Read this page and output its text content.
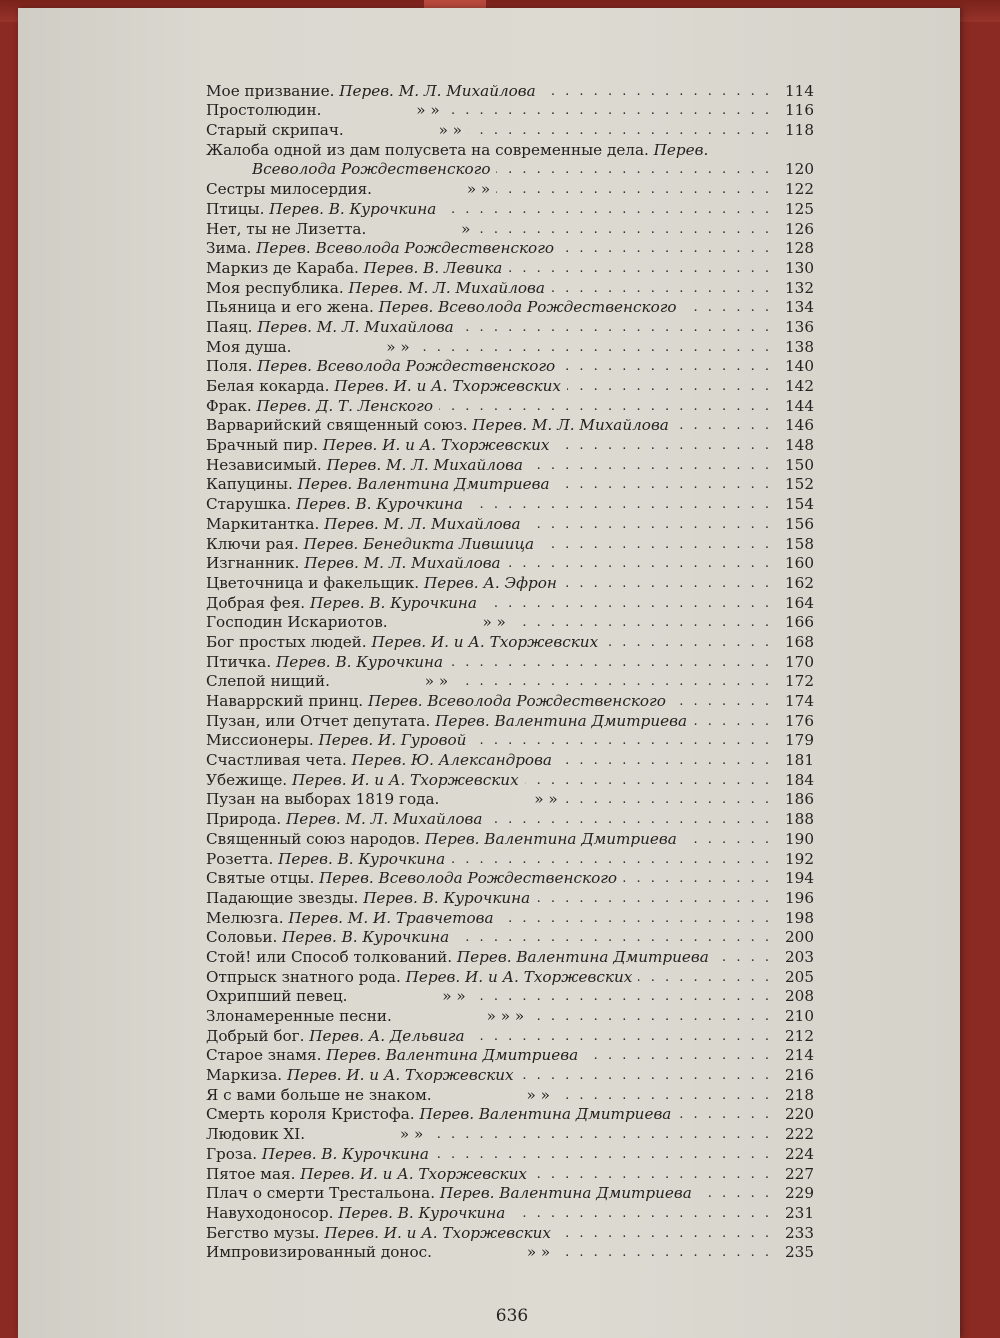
Мое призвание. Перев. М. Л. Михайлова . . .	114
Простолюдин.	» » . . .	116
Старый скрипач.	» » . . .	118
Жалоба одной из дам полусвета на современные дела. Перев.
Всеволода Рождественского . . .	120
Сестры милосердия.	» » . . .	122
Птицы. Перев. В. Курочкина . . .	125
Нет, ты не Лизетта.	» . . .	126
Зима. Перев. Всеволода Рождественского . . .	128
Маркиз де Караба. Перев. В. Левика . . .	130
Моя республика. Перев. М. Л. Михайлова . . .	132
Пьяница и его жена. Перев. Всеволода Рождественского . . .	134
Паяц. Перев. М. Л. Михайлова . . .	136
Моя душа.	» » . . .	138
Поля. Перев. Всеволода Рождественского . . .	140
Белая кокарда. Перев. И. и А. Тхоржевских . . .	142
Фрак. Перев. Д. Т. Ленского . . .	144
Варварийский священный союз. Перев. М. Л. Михайлова . . .	146
Брачный пир. Перев. И. и А. Тхоржевских . . .	148
Независимый. Перев. М. Л. Михайлова . . .	150
Капуцины. Перев. Валентина Дмитриева . . .	152
Старушка. Перев. В. Курочкина . . .	154
Маркитантка. Перев. М. Л. Михайлова . . .	156
Ключи рая. Перев. Бенедикта Лившица . . .	158
Изгнанник. Перев. М. Л. Михайлова . . .	160
Цветочница и факельщик. Перев. А. Эфрон . . .	162
Добрая фея. Перев. В. Курочкина . . .	164
Господин Искариотов.	» » . . .	166
Бог простых людей. Перев. И. и А. Тхоржевских . . .	168
Птичка. Перев. В. Курочкина . . .	170
Слепой нищий.	» » . . .	172
Наваррский принц. Перев. Всеволода Рождественского . . .	174
Пузан, или Отчет депутата. Перев. Валентина Дмитриева . . .	176
Миссионеры. Перев. И. Гуровой . . .	179
Счастливая чета. Перев. Ю. Александрова . . .	181
Убежище. Перев. И. и А. Тхоржевских . . .	184
Пузан на выборах 1819 года.	» » . . .	186
Природа. Перев. М. Л. Михайлова . . .	188
Священный союз народов. Перев. Валентина Дмитриева . . .	190
Розетта. Перев. В. Курочкина . . .	192
Святые отцы. Перев. Всеволода Рождественского . . .	194
Падающие звезды. Перев. В. Курочкина . . .	196
Мелюзга. Перев. М. И. Травчетова . . .	198
Соловьи. Перев. В. Курочкина . . .	200
Стой! или Способ толкований. Перев. Валентина Дмитриева . . .	203
Отпрыск знатного рода. Перев. И. и А. Тхоржевских . . .	205
Охрипший певец.	» » . . .	208
Злонамеренные песни.	» » » . . .	210
Добрый бог. Перев. А. Дельвига . . .	212
Старое знамя. Перев. Валентина Дмитриева . . .	214
Маркиза. Перев. И. и А. Тхоржевских . . .	216
Я с вами больше не знаком.	» » . . .	218
Смерть короля Кристофа. Перев. Валентина Дмитриева . . .	220
Людовик XI.	» » . . .	222
Гроза. Перев. В. Курочкина . . .	224
Пятое мая. Перев. И. и А. Тхоржевских . . .	227
Плач о смерти Трестальона. Перев. Валентина Дмитриева . . .	229
Навуходоносор. Перев. В. Курочкина . . .	231
Бегство музы. Перев. И. и А. Тхоржевских . . .	233
Импровизированный донос.	» » . . .	235
636
